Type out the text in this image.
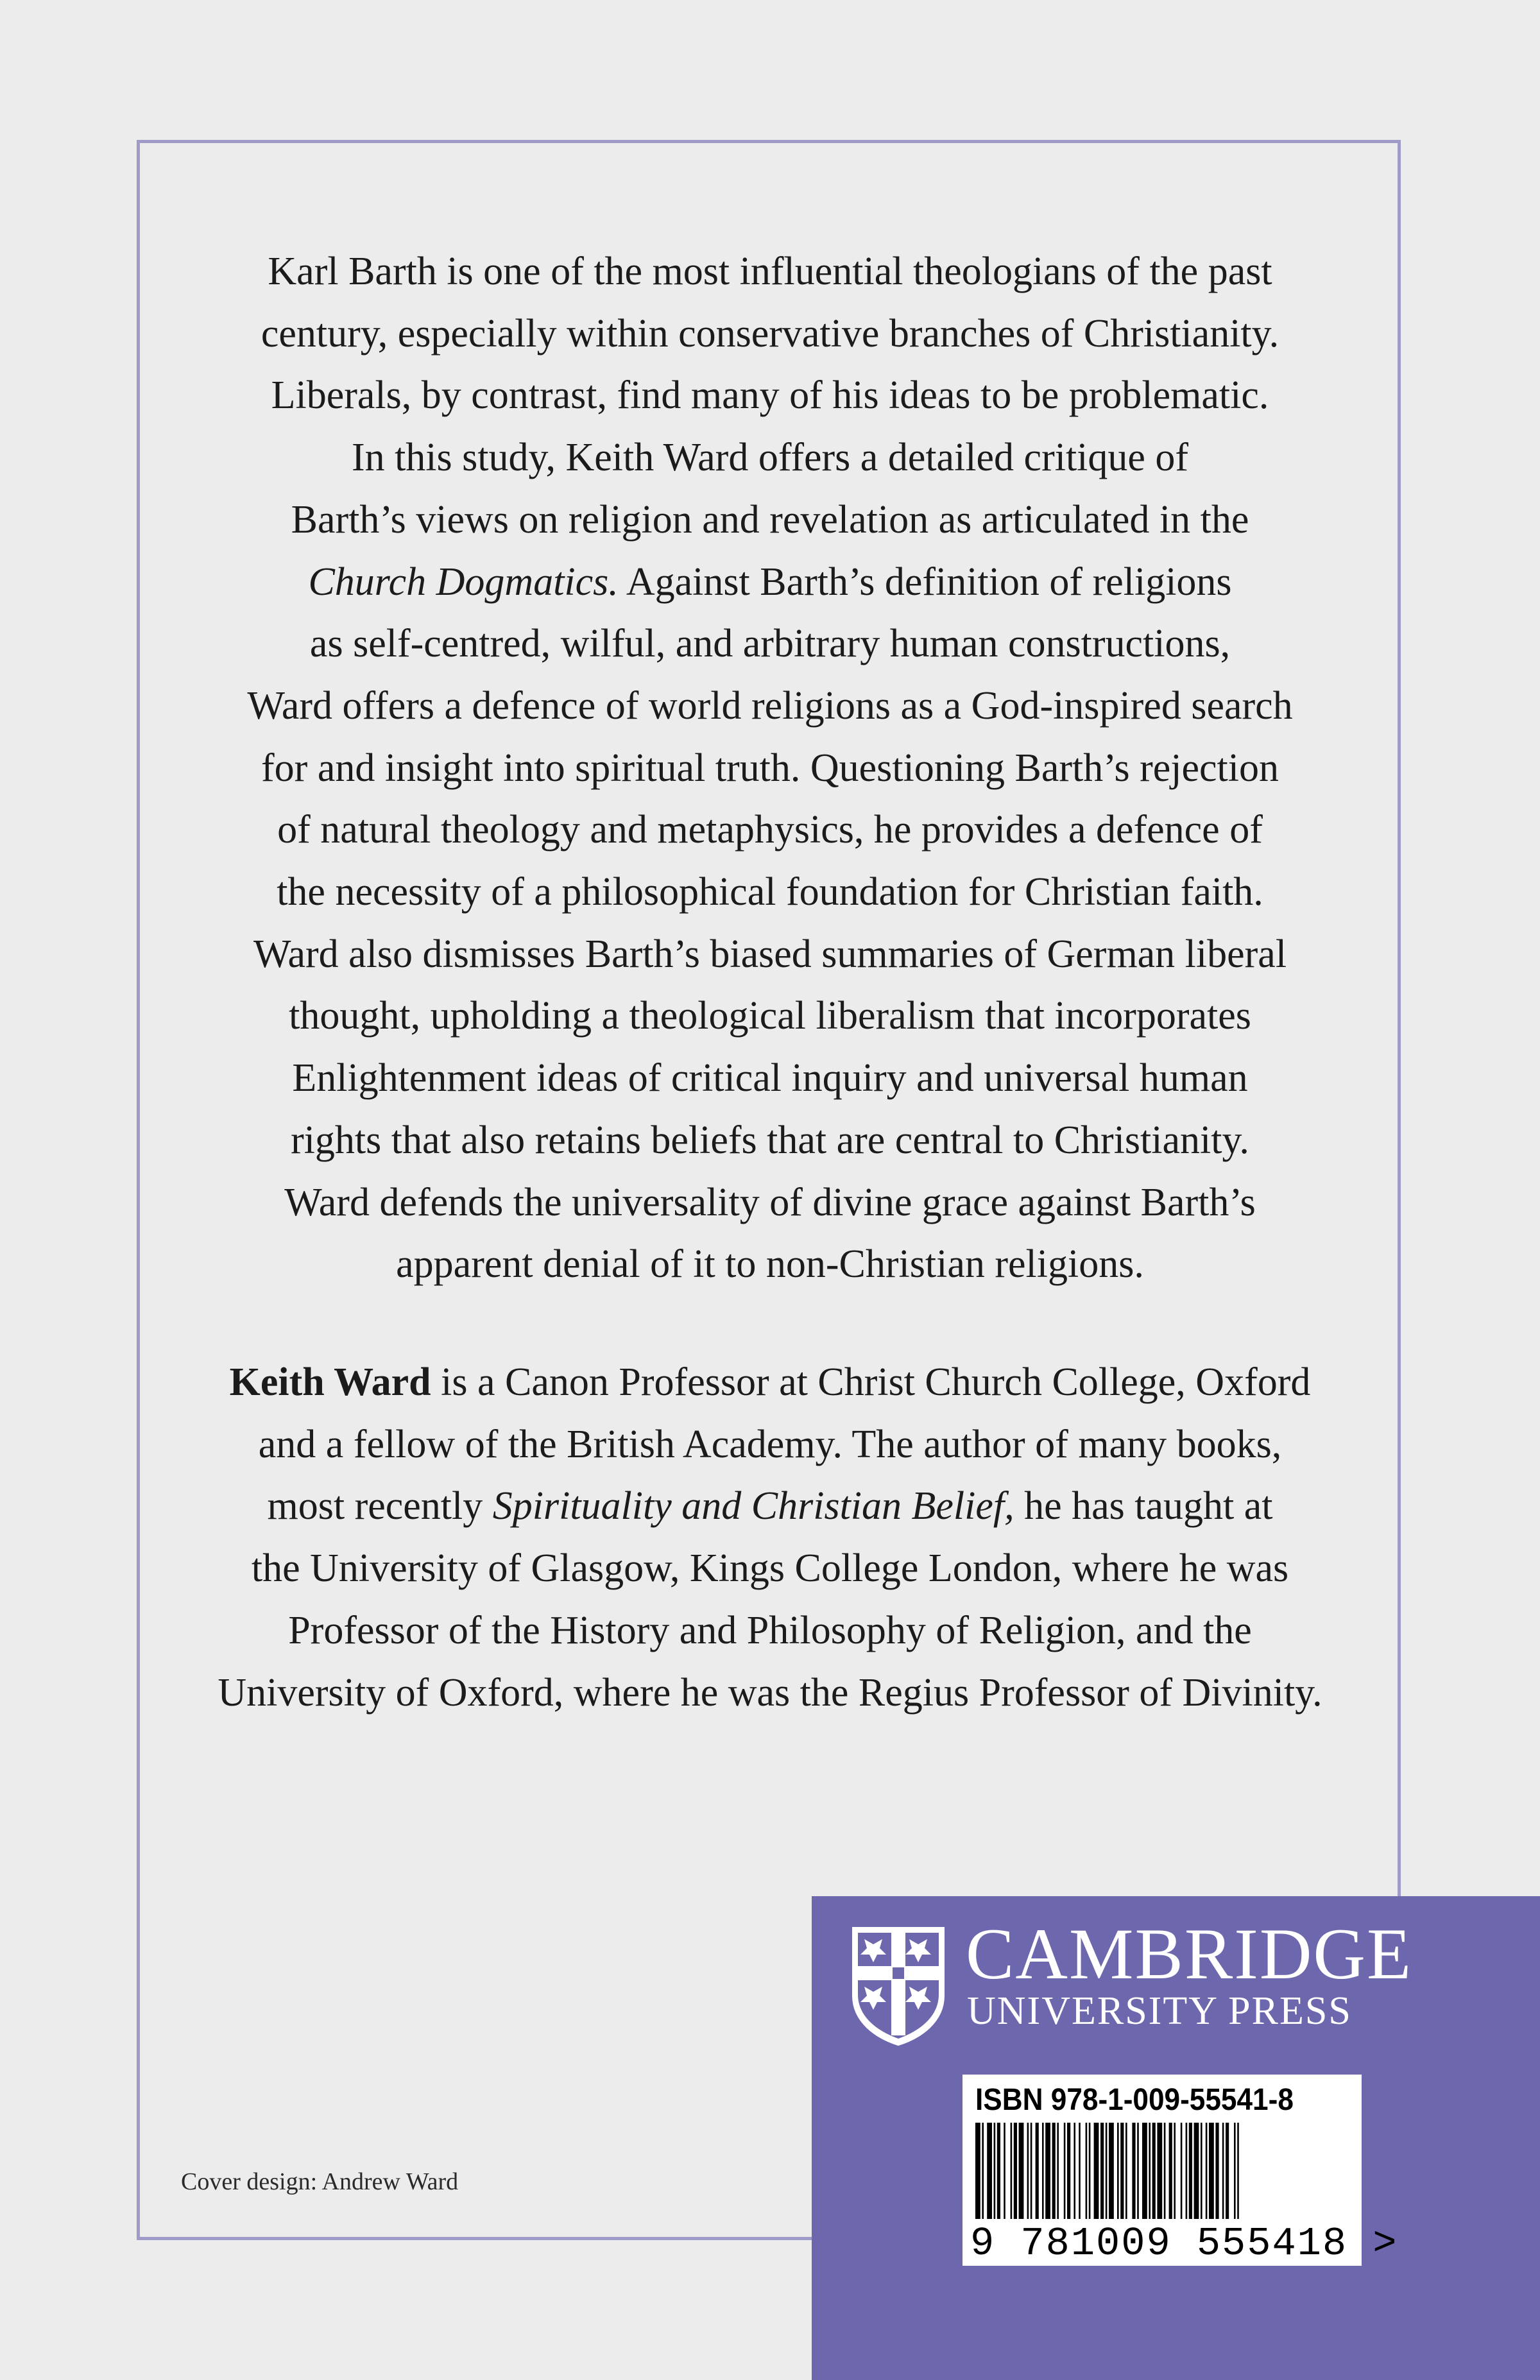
Karl Barth is one of the most influential theologians of the past
century, especially within conservative branches of Christianity.
Liberals, by contrast, find many of his ideas to be problematic.
In this study, Keith Ward offers a detailed critique of
Barth’s views on religion and revelation as articulated in the
Church Dogmatics. Against Barth’s definition of religions
as self-centred, wilful, and arbitrary human constructions,
Ward offers a defence of world religions as a God-inspired search
for and insight into spiritual truth. Questioning Barth’s rejection
of natural theology and metaphysics, he provides a defence of
the necessity of a philosophical foundation for Christian faith.
Ward also dismisses Barth’s biased summaries of German liberal
thought, upholding a theological liberalism that incorporates
Enlightenment ideas of critical inquiry and universal human
rights that also retains beliefs that are central to Christianity.
Ward defends the universality of divine grace against Barth’s
apparent denial of it to non-Christian religions.
Keith Ward is a Canon Professor at Christ Church College, Oxford
and a fellow of the British Academy. The author of many books,
most recently Spirituality and Christian Belief, he has taught at
the University of Glasgow, Kings College London, where he was
Professor of the History and Philosophy of Religion, and the
University of Oxford, where he was the Regius Professor of Divinity.
Cover design: Andrew Ward
CAMBRIDGE
UNIVERSITY PRESS
ISBN 978-1-009-55541-8
9 781009 555418 >
